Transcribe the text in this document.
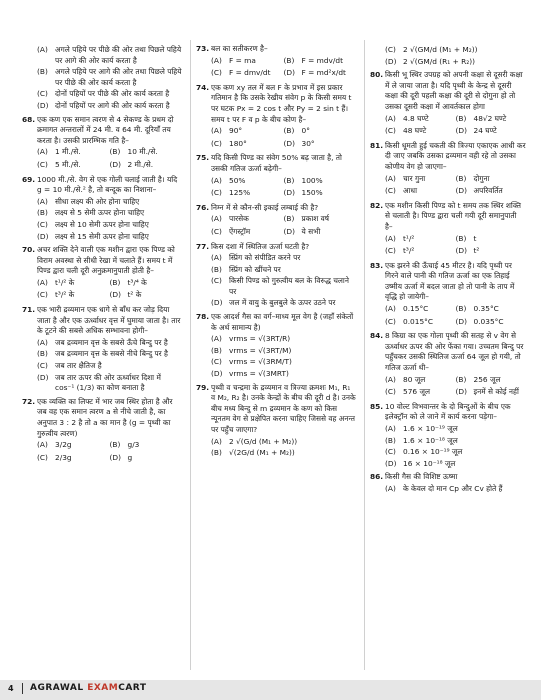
(A) अगले पहिये पर पीछे की ओर तथा पिछले पहिये पर आगे की ओर कार्य करता है
(B) अगले पहिये पर आगे की ओर तथा पिछले पहिये पर पीछे की ओर कार्य करता है
(C) दोनों पहियों पर पीछे की ओर कार्य करता है
(D) दोनों पहियों पर आगे की ओर कार्य करता है
68. एक कण एक समान त्वरण से 4 सेकण्ड के प्रथम दो क्रमागत अन्तरालों में 24 मी. व 64 मी. दूरियाँ तय करता है। उसकी प्रारम्भिक गति है–
(A) 1 मी./से.	(B) 10 मी./से.
(C) 5 मी./से.	(D) 2 मी./से.
69. 1000 मी./से. वेग से एक गोली चलाई जाती है। यदि g = 10 मी./से.² है, तो बन्दूक का निशाना–
(A) सीधा लक्ष्य की ओर होना चाहिए
(B) लक्ष्य से 5 सेमी ऊपर होना चाहिए
(C) लक्ष्य से 10 सेमी ऊपर होना चाहिए
(D) लक्ष्य से 15 सेमी ऊपर होना चाहिए
70. अचर शक्ति देने वाली एक मशीन द्वारा एक पिण्ड को विराम अवस्था से सीधी रेखा में चलाते हैं। समय t में पिण्ड द्वारा चली दूरी अनुक्रमानुपाती होती है–
(A) t¹/² के	(B) t³/⁴ के
(C) t³/² के	(D) t² के
71. एक भारी द्रव्यमान एक धागे से बाँध कर जोड़ दिया जाता है और एक ऊर्ध्वाधर वृत्त में घुमाया जाता है। तार के टूटने की सबसे अधिक सम्भावना होगी–
(A) जब द्रव्यमान वृत्त के सबसे ऊँचे बिन्दु पर है
(B) जब द्रव्यमान वृत्त के सबसे नीचे बिन्दु पर है
(C) जब तार क्षैतिज है
(D) जब तार ऊपर की ओर ऊर्ध्वाधर दिशा में cos⁻¹ (1/3) का कोण बनाता है
72. एक व्यक्ति का लिफ्ट में भार जब स्थिर होता है और जब वह एक समान त्वरण a से नीचे जाती है, का अनुपात 3 : 2 है तो a का मान है (g = पृथ्वी का गुरुत्वीय त्वरण)
(A) 3/2g	(B) g/3
(C) 2/3g	(D) g
73. बल का सतीकरण है–
(A) F = ma	(B) F = mdv/dt
(C) F = dmv/dt	(D) F = md²x/dt
74. एक कण xy तल में बल F के प्रभाव में इस प्रकार गतिमान है कि उसके रेखीय संवेग p के किसी समय t पर घटक Px = 2 cos t और Py = 2 sin t हैं। समय t पर F व p के बीच कोण है–
(A) 90°	(B) 0°
(C) 180°	(D) 30°
75. यदि किसी पिण्ड का संवेग 50% बढ़ जाता है, तो उसकी गतिज ऊर्जा बढ़ेगी–
(A) 50%	(B) 100%
(C) 125%	(D) 150%
76. निम्न में से कौन-सी इकाई लम्बाई की है?
(A) पारसेक	(B) प्रकाश वर्ष
(C) ऐंगस्ट्रॉम	(D) ये सभी
77. किस दशा में स्थितिज ऊर्जा घटती है?
(A) स्प्रिंग को संपीडित करने पर
(B) स्प्रिंग को खींचने पर
(C) किसी पिण्ड को गुरुत्वीय बल के विरुद्ध चलाने पर
(D) जल में वायु के बुलबुले के ऊपर उठने पर
78. एक आदर्श गैस का वर्ग–माध्य मूल वेग है (जहाँ संकेतों के अर्थ सामान्य है)
(A) vrms = √(3RT/R)
(B) vrms = √(3RT/M)
(C) vrms = √(3RM/T)
(D) vrms = √(3MRT)
79. पृथ्वी व चन्द्रमा के द्रव्यमान व त्रिज्या क्रमशः M₁, R₁ व M₂, R₂ है। उनके केन्द्रों के बीच की दूरी d है। उनके बीच मध्य बिन्दु से m द्रव्यमान के कण को किस न्यूनतम वेग से प्रक्षेपित करना चाहिए जिससे वह अनन्त पर पहुँच जाएगा?
(A) 2 √(G/d (M₁ + M₂))
(B) √(2G/d (M₁ + M₂))
(C) 2 √(GM/d (M₁ + M₂))
(D) 2 √(GM/d (R₁ + R₂))
80. किसी भू स्थिर उपग्रह को अपनी कक्षा से दूसरी कक्षा में ले जाया जाता है। यदि पृथ्वी के केन्द्र से दूसरी कक्षा की दूरी पहली कक्षा की दूरी से दोगुना हो तो उसका दूसरी कक्षा में आवर्तकाल होगा
(A) 4.8 घण्टे	(B) 48√2 घण्टे
(C) 48 घण्टे	(D) 24 घण्टे
81. किसी धूमती हुई चकती की त्रिज्या एकाएक आधी कर दी जाए जबकि उसका द्रव्यमान वही रहे तो उसका कोणीय वेग हो जाएगा–
(A) चार गुना	(B) दोगुना
(C) आधा	(D) अपरिवर्तित
82. एक मशीन किसी पिण्ड को t समय तक स्थिर शक्ति से चलाती है। पिण्ड द्वारा चली गयी दूरी समानुपाती है–
(A) t¹/²	(B) t
(C) t³/²	(D) t²
83. एक झरने की ऊँचाई 45 मीटर है। यदि पृथ्वी पर गिरने वाले पानी की गतिज ऊर्जा का एक तिहाई उष्मीय ऊर्जा में बदल जाता हो तो पानी के ताप में वृद्धि हो जायेगी–
(A) 0.15°C	(B) 0.35°C
(C) 0.015°C	(D) 0.035°C
84. 8 किग्रा का एक गोला पृथ्वी की सतह से v वेग से ऊर्ध्वाधर ऊपर की ओर फेंका गया। उच्चतम बिन्दु पर पहुँचकर उसकी स्थितिज ऊर्जा 64 जूल हो गयी, तो गतिज ऊर्जा थी–
(A) 80 जूल	(B) 256 जूल
(C) 576 जूल	(D) इनमें से कोई नहीं
85. 10 वोल्ट विभवान्तर के दो बिन्दुओं के बीच एक इलेक्ट्रॉन को ले जाने में कार्य करना पड़ेगा–
(A) 1.6 × 10⁻¹⁹ जूल
(B) 1.6 × 10⁻¹⁸ जूल
(C) 0.16 × 10⁻¹⁹ जूल
(D) 16 × 10⁻¹⁸ जूल
86. किसी गैस की विशिष्ट ऊष्मा
(A) के केवल दो मान Cp और Cv होते हैं
4 AGRAWAL EXAMCART
